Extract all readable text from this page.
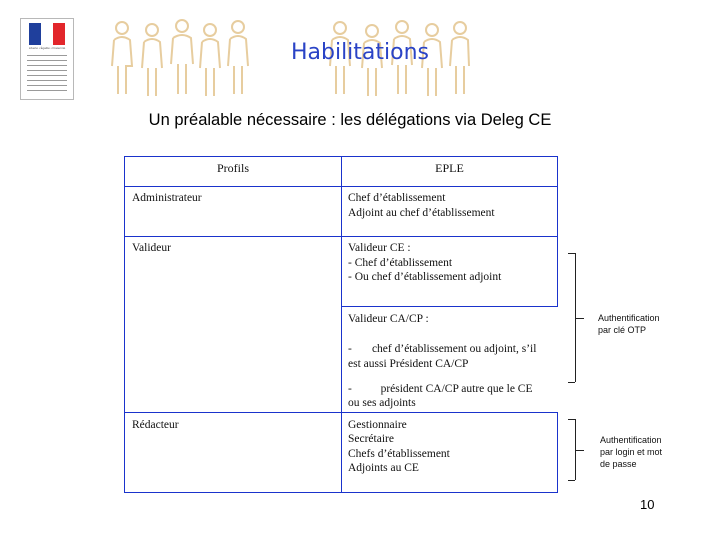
Liberté • Égalité • Fraternité	Habilitations
Un préalable nécessaire : les délégations via Deleg CE
Profils	EPLE
Administrateur	Chef d’établissement
Adjoint au chef d’établissement
Valideur	Valideur CE :
- Chef d’établissement
- Ou chef d’établissement adjoint
Valideur CA/CP :
-       chef d’établissement ou adjoint, s’il
est aussi Président CA/CP
-          président CA/CP autre que le CE
ou ses adjoints
Rédacteur	Gestionnaire
Secrétaire
Chefs d’établissement
Adjoints au CE
Authentification
par clé OTP
Authentification
par login et mot
de passe
10
